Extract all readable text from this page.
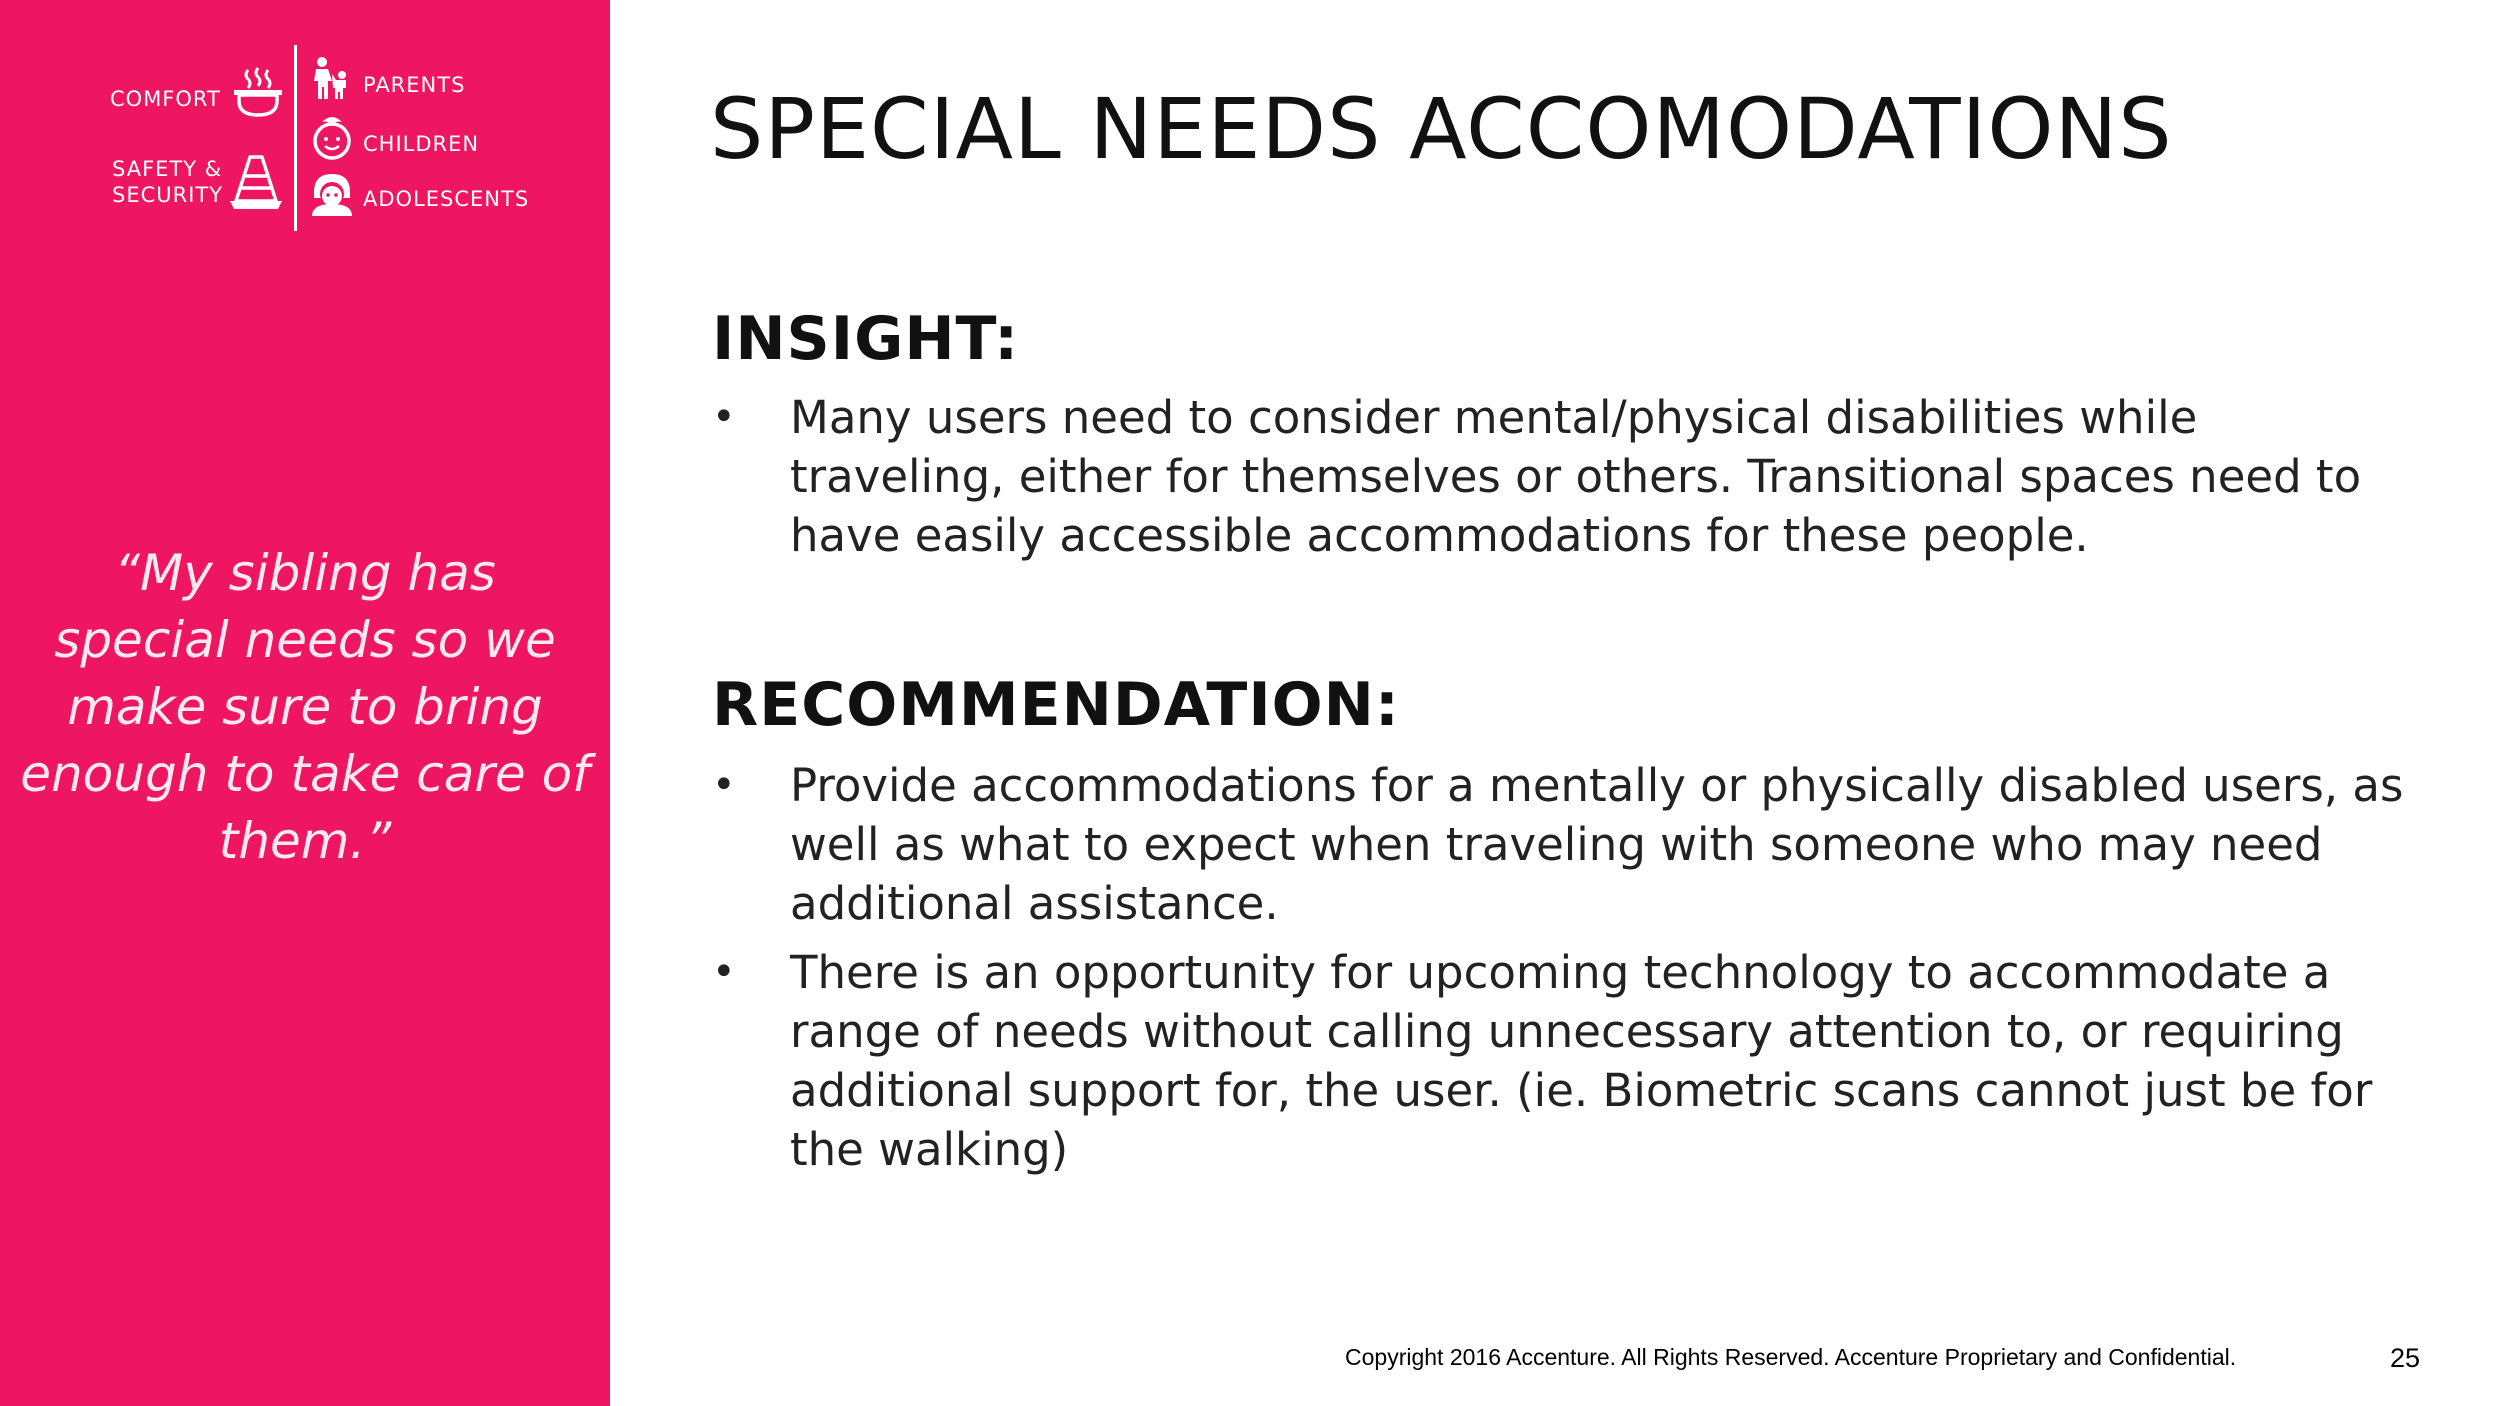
COMFORT
SAFETY &
SECURITY
PARENTS
CHILDREN
ADOLESCENTS

“My sibling has special needs so we make sure to bring enough to take care of them.”

SPECIAL NEEDS ACCOMODATIONS
INSIGHT:
• Many users need to consider mental/physical disabilities while traveling, either for themselves or others. Transitional spaces need to have easily accessible accommodations for these people.
RECOMMENDATION:
• Provide accommodations for a mentally or physically disabled users, as well as what to expect when traveling with someone who may need additional assistance.
• There is an opportunity for upcoming technology to accommodate a range of needs without calling unnecessary attention to, or requiring additional support for, the user. (ie. Biometric scans cannot just be for the walking)
Copyright 2016 Accenture. All Rights Reserved. Accenture Proprietary and Confidential.	25
